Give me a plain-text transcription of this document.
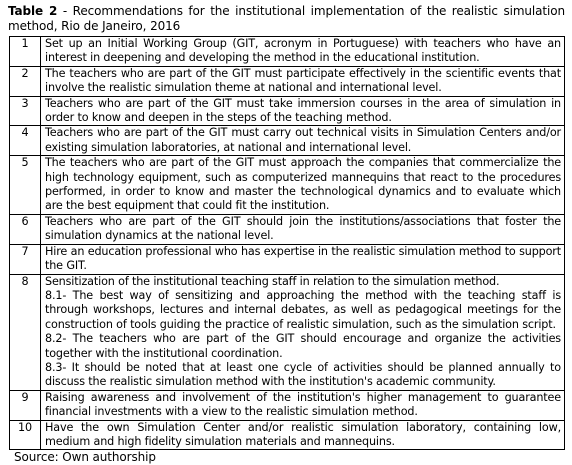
Table 2 - Recommendations for the institutional implementation of the realistic simulation method, Rio de Janeiro, 2016
1	Set up an Initial Working Group (GIT, acronym in Portuguese) with teachers who have an interest in deepening and developing the method in the educational institution.

2	The teachers who are part of the GIT must participate effectively in the scientific events that involve the realistic simulation theme at national and international level.

3	Teachers who are part of the GIT must take immersion courses in the area of simulation in order to know and deepen in the steps of the teaching method.

4	Teachers who are part of the GIT must carry out technical visits in Simulation Centers and/or existing simulation laboratories, at national and international level.

5	The teachers who are part of the GIT must approach the companies that commercialize the high technology equipment, such as computerized mannequins that react to the procedures performed, in order to know and master the technological dynamics and to evaluate which are the best equipment that could fit the institution.

6	Teachers who are part of the GIT should join the institutions/associations that foster the simulation dynamics at the national level.

7	Hire an education professional who has expertise in the realistic simulation method to support the GIT.

8	Sensitization of the institutional teaching staff in relation to the simulation method.
8.1- The best way of sensitizing and approaching the method with the teaching staff is through workshops, lectures and internal debates, as well as pedagogical meetings for the construction of tools guiding the practice of realistic simulation, such as the simulation script.
8.2- The teachers who are part of the GIT should encourage and organize the activities together with the institutional coordination.
8.3- It should be noted that at least one cycle of activities should be planned annually to discuss the realistic simulation method with the institution's academic community.

9	Raising awareness and involvement of the institution's higher management to guarantee financial investments with a view to the realistic simulation method.

10	Have the own Simulation Center and/or realistic simulation laboratory, containing low, medium and high fidelity simulation materials and mannequins.
Source: Own authorship
